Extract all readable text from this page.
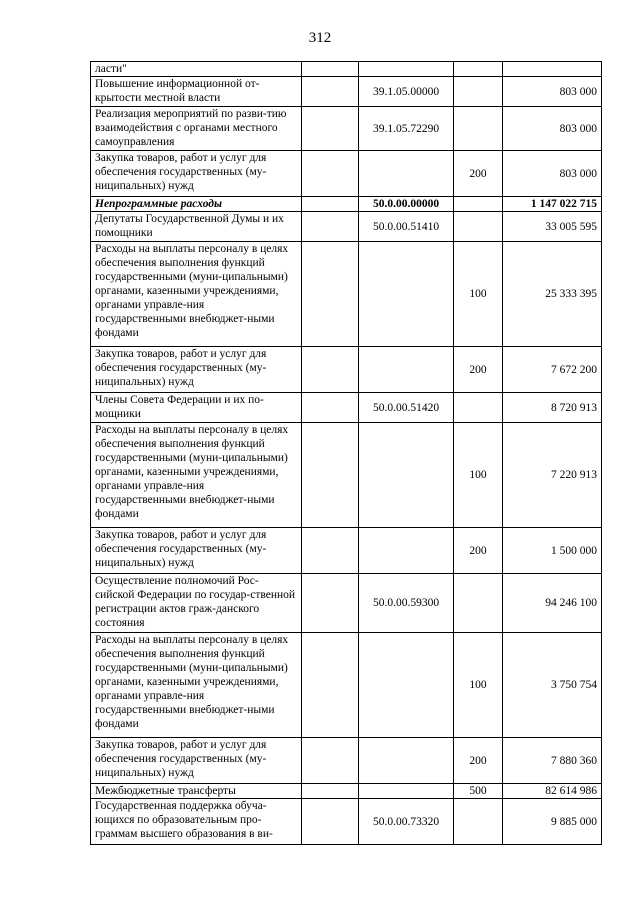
312
ласти"				
Повышение информационной от-крытости местной власти		39.1.05.00000		803 000
Реализация мероприятий по разви-тию взаимодействия с органами местного самоуправления		39.1.05.72290		803 000
Закупка товаров, работ и услуг для обеспечения государственных (му-ниципальных) нужд			200	803 000
Непрограммные расходы		50.0.00.00000		1 147 022 715
Депутаты Государственной Думы и их помощники		50.0.00.51410		33 005 595
Расходы на выплаты персоналу в целях обеспечения выполнения функций государственными (муни-ципальными) органами, казенными учреждениями, органами управле-ния государственными внебюджет-ными фондами			100	25 333 395
Закупка товаров, работ и услуг для обеспечения государственных (му-ниципальных) нужд			200	7 672 200
Члены Совета Федерации и их по-мощники		50.0.00.51420		8 720 913
Расходы на выплаты персоналу в целях обеспечения выполнения функций государственными (муни-ципальными) органами, казенными учреждениями, органами управле-ния государственными внебюджет-ными фондами			100	7 220 913
Закупка товаров, работ и услуг для обеспечения государственных (му-ниципальных) нужд			200	1 500 000
Осуществление полномочий Рос-сийской Федерации по государ-ственной регистрации актов граж-данского состояния		50.0.00.59300		94 246 100
Расходы на выплаты персоналу в целях обеспечения выполнения функций государственными (муни-ципальными) органами, казенными учреждениями, органами управле-ния государственными внебюджет-ными фондами			100	3 750 754
Закупка товаров, работ и услуг для обеспечения государственных (му-ниципальных) нужд			200	7 880 360
Межбюджетные трансферты			500	82 614 986
Государственная поддержка обуча-ющихся по образовательным про-граммам высшего образования в ви-		50.0.00.73320		9 885 000
